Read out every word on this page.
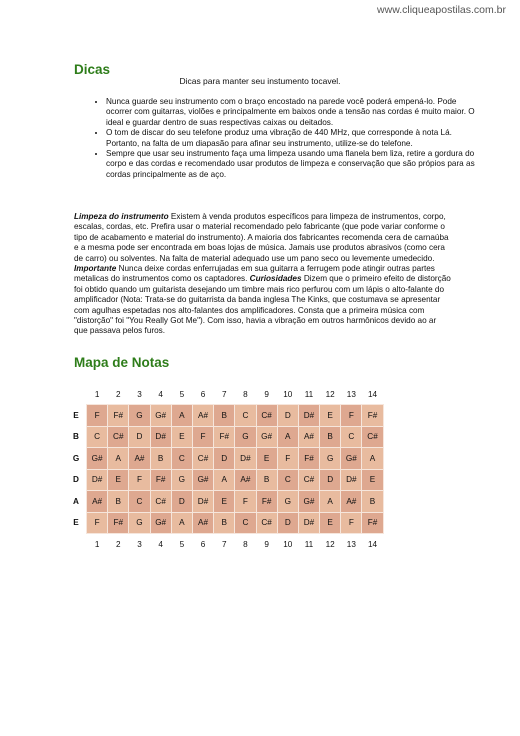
www.cliqueapostilas.com.br
Dicas
Dicas para manter seu instumento tocavel.
• Nunca guarde seu instrumento com o braço encostado na parede você poderá empená-lo. Pode ocorrer com guitarras, violões e principalmente em baixos onde a tensão nas cordas é muito maior. O ideal e guardar dentro de suas respectivas caixas ou deitados.
• O tom de discar do seu telefone produz uma vibração de 440 MHz, que corresponde à nota Lá. Portanto, na falta de um diapasão para afinar seu instrumento, utilize-se do telefone.
• Sempre que usar seu instrumento faça uma limpeza usando uma flanela bem liza, retire a gordura do corpo e das cordas e recomendado usar produtos de limpeza e conservação que são própios para as cordas principalmente as de aço.

Limpeza do instrumento Existem à venda produtos específicos para limpeza de instrumentos, corpo, escalas, cordas, etc. Prefira usar o material recomendado pelo fabricante (que pode variar conforme o tipo de acabamento e material do instrumento). A maioria dos fabricantes recomenda cera de carnaúba e a mesma pode ser encontrada em boas lojas de música. Jamais use produtos abrasivos (como cera de carro) ou solventes. Na falta de material adequado use um pano seco ou levemente umedecido. Importante Nunca deixe cordas enferrujadas em sua guitarra a ferrugem pode atingir outras partes metalicas do instrumentos como os captadores. Curiosidades Dizem que o primeiro efeito de distorção foi obtido quando um guitarista desejando um timbre mais rico perfurou com um lápis o alto-falante do amplificador (Nota: Trata-se do guitarrista da banda inglesa The Kinks, que costumava se apresentar com agulhas espetadas nos alto-falantes dos amplificadores. Consta que a primeira música com "distorção" foi "You Really Got Me"). Com isso, havia a vibração em outros harmônicos devido ao ar que passava pelos furos.

Mapa de Notas
	1	2	3	4	5	6	7	8	9	10	11	12	13	14
E	F	F#	G	G#	A	A#	B	C	C#	D	D#	E	F	F#
B	C	C#	D	D#	E	F	F#	G	G#	A	A#	B	C	C#
G	G#	A	A#	B	C	C#	D	D#	E	F	F#	G	G#	A
D	D#	E	F	F#	G	G#	A	A#	B	C	C#	D	D#	E
A	A#	B	C	C#	D	D#	E	F	F#	G	G#	A	A#	B
E	F	F#	G	G#	A	A#	B	C	C#	D	D#	E	F	F#
	1	2	3	4	5	6	7	8	9	10	11	12	13	14
